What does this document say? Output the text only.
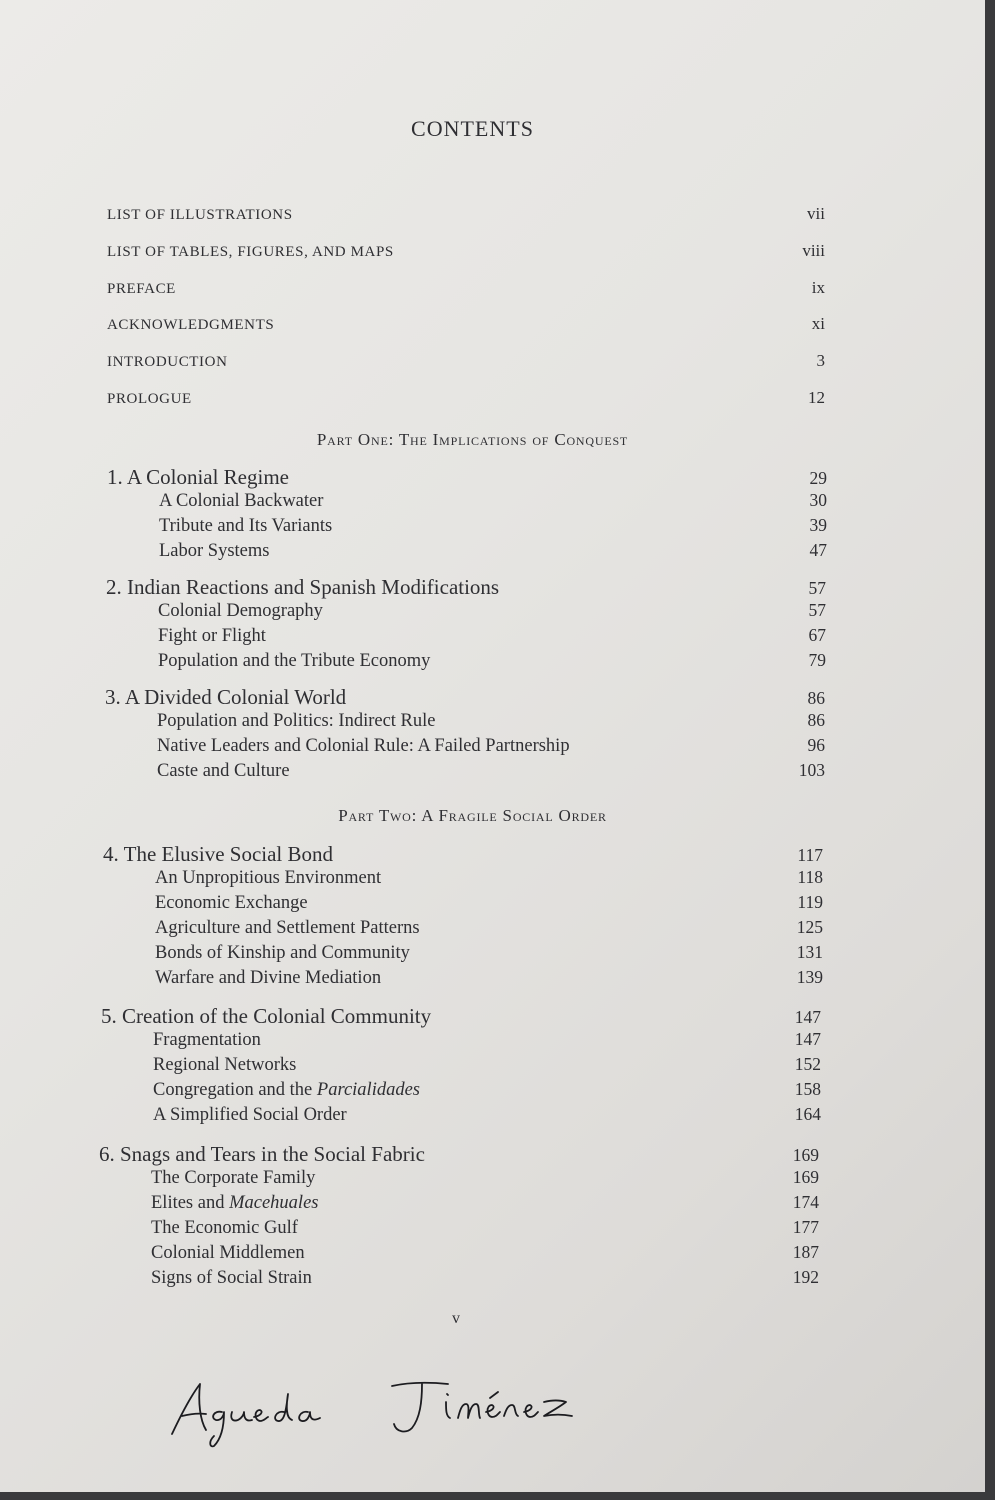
CONTENTS
LIST OF ILLUSTRATIONS	vii
LIST OF TABLES, FIGURES, AND MAPS	viii
PREFACE	ix
ACKNOWLEDGMENTS	xi
INTRODUCTION	3
PROLOGUE	12
Part One: The Implications of Conquest
1. A Colonial Regime	29
A Colonial Backwater	30
Tribute and Its Variants	39
Labor Systems	47
2. Indian Reactions and Spanish Modifications	57
Colonial Demography	57
Fight or Flight	67
Population and the Tribute Economy	79
3. A Divided Colonial World	86
Population and Politics: Indirect Rule	86
Native Leaders and Colonial Rule: A Failed Partnership	96
Caste and Culture	103
Part Two: A Fragile Social Order
4. The Elusive Social Bond	117
An Unpropitious Environment	118
Economic Exchange	119
Agriculture and Settlement Patterns	125
Bonds of Kinship and Community	131
Warfare and Divine Mediation	139
5. Creation of the Colonial Community	147
Fragmentation	147
Regional Networks	152
Congregation and the Parcialidades	158
A Simplified Social Order	164
6. Snags and Tears in the Social Fabric	169
The Corporate Family	169
Elites and Macehuales	174
The Economic Gulf	177
Colonial Middlemen	187
Signs of Social Strain	192
v
